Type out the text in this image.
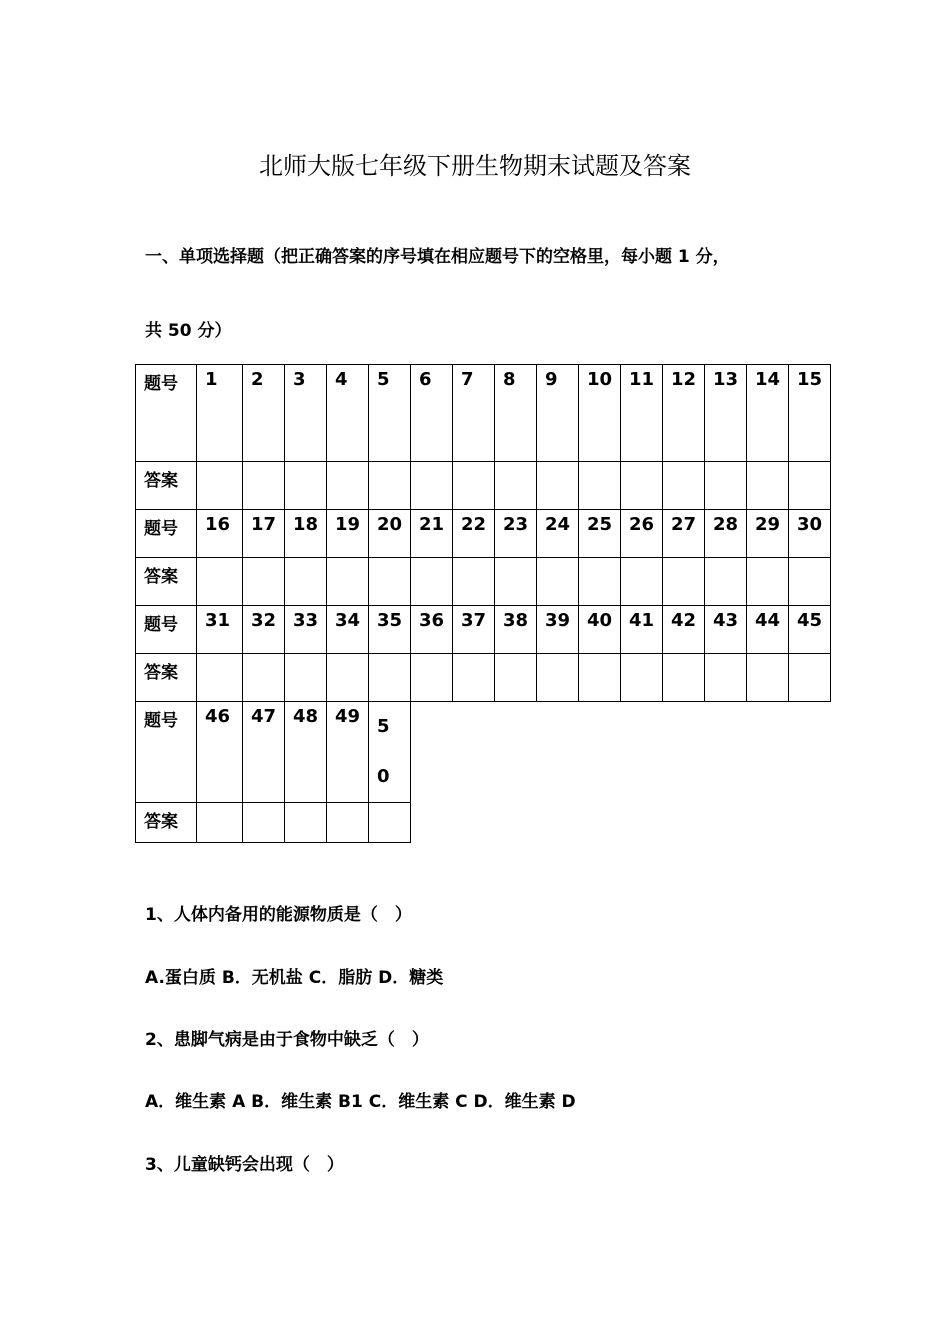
北师大版七年级下册生物期末试题及答案
一、单项选择题（把正确答案的序号填在相应题号下的空格里，每小题 1 分，
共 50 分）
题号	1	2	3	4	5	6	7	8	9	10	11	12	13	14	15
答案															
题号	16	17	18	19	20	21	22	23	24	25	26	27	28	29	30
答案															
题号	31	32	33	34	35	36	37	38	39	40	41	42	43	44	45
答案															
题号	46	47	48	49	5
0										
答案															
1、人体内备用的能源物质是（　）
A.蛋白质 B．无机盐 C．脂肪 D．糖类
2、患脚气病是由于食物中缺乏（　）
A．维生素 A B．维生素 B1 C．维生素 C D．维生素 D
3、儿童缺钙会出现（　）
